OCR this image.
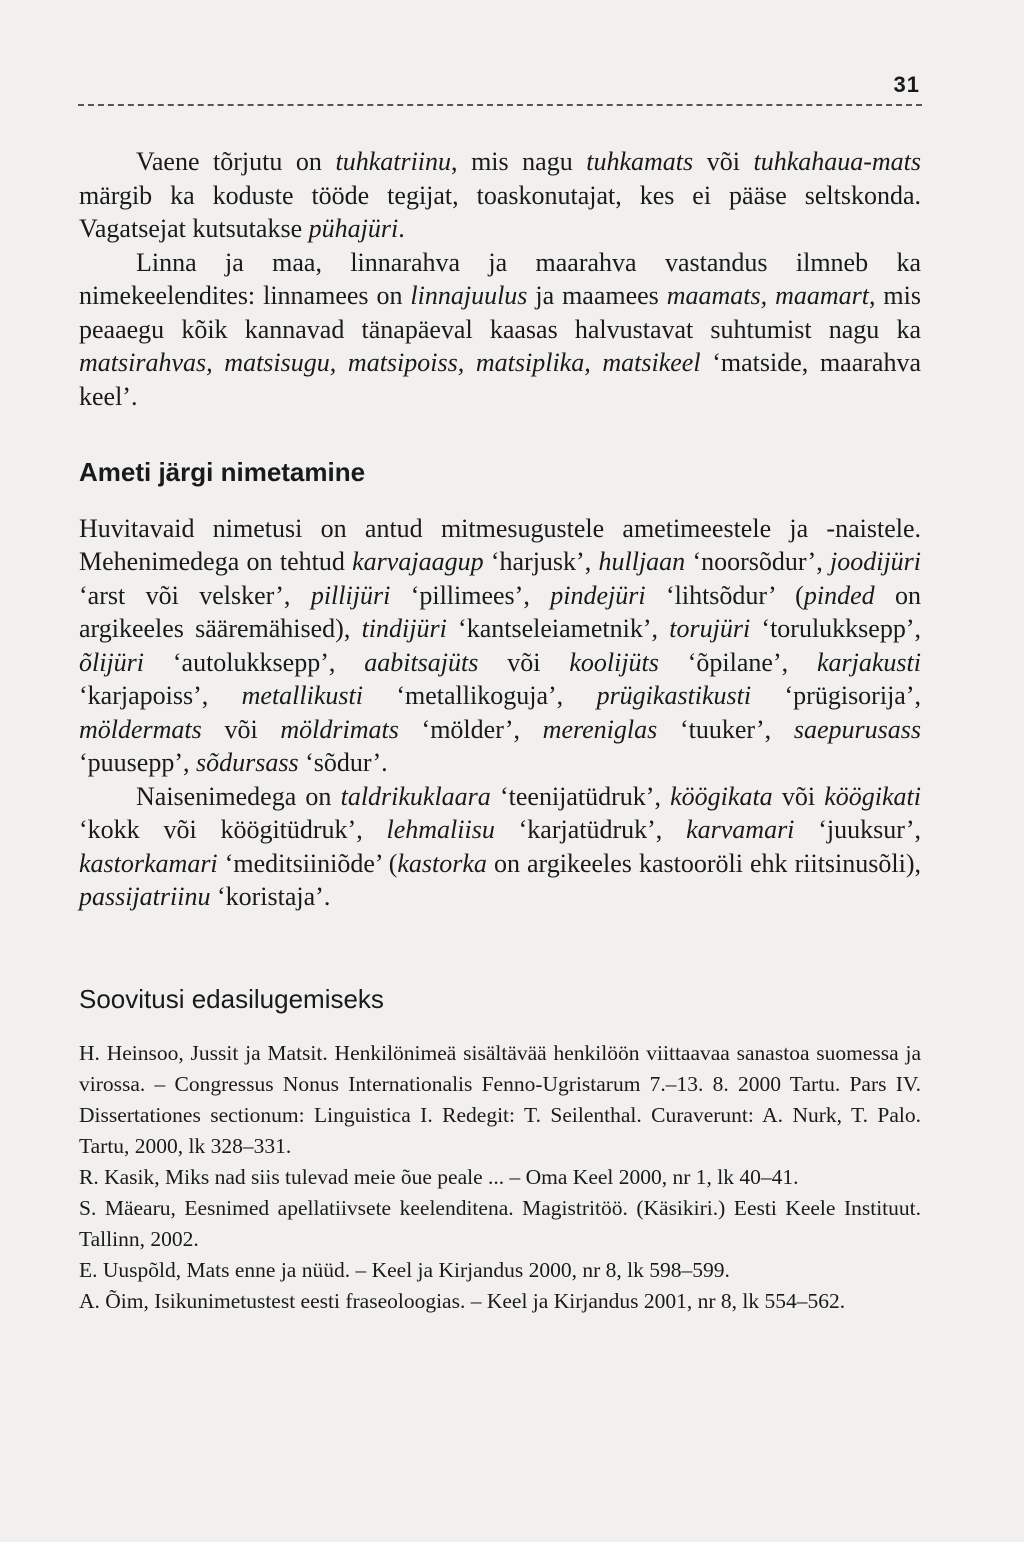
31

Vaene tõrjutu on tuhkatriinu, mis nagu tuhkamats või tuhkahaua-mats märgib ka koduste tööde tegijat, toaskonutajat, kes ei pääse seltskonda. Vagatsejat kutsutakse pühajüri.

Linna ja maa, linnarahva ja maarahva vastandus ilmneb ka nimekeelendites: linnamees on linnajuulus ja maamees maamats, maamart, mis peaaegu kõik kannavad tänapäeval kaasas halvustavat suhtumist nagu ka matsirahvas, matsisugu, matsipoiss, matsiplika, matsikeel ‘matside, maarahva keel’.

Ameti järgi nimetamine

Huvitavaid nimetusi on antud mitmesugustele ametimeestele ja -naistele. Mehenimedega on tehtud karvajaagup ‘harjusk’, hulljaan ‘noorsõdur’, joodijüri ‘arst või velsker’, pillijüri ‘pillimees’, pindejüri ‘lihtsõdur’ (pinded on argikeeles sääremähised), tindijüri ‘kantseleiametnik’, torujüri ‘torulukksepp’, õlijüri ‘autolukksepp’, aabitsajüts või koolijüts ‘õpilane’, karjakusti ‘karjapoiss’, metallikusti ‘metallikoguja’, prügikastikusti ‘prügisorija’, möldermats või möldrimats ‘mölder’, mereniglas ‘tuuker’, saepurusass ‘puusepp’, sõdursass ‘sõdur’.

Naisenimedega on taldrikuklaara ‘teenijatüdruk’, köögikata või köögikati ‘kokk või köögitüdruk’, lehmaliisu ‘karjatüdruk’, karvamari ‘juuksur’, kastorkamari ‘meditsiiniõde’ (kastorka on argikeeles kastooröli ehk riitsinusõli), passijatriinu ‘koristaja’.

Soovitusi edasilugemiseks

H. Heinsoo, Jussit ja Matsit. Henkilönimeä sisältävää henkilöön viittaavaa sanastoa suomessa ja virossa. – Congressus Nonus Internationalis Fenno-Ugristarum 7.–13. 8. 2000 Tartu. Pars IV. Dissertationes sectionum: Linguistica I. Redegit: T. Seilenthal. Curaverunt: A. Nurk, T. Palo. Tartu, 2000, lk 328–331.

R. Kasik, Miks nad siis tulevad meie õue peale ... – Oma Keel 2000, nr 1, lk 40–41.

S. Mäearu, Eesnimed apellatiivsete keelenditena. Magistritöö. (Käsikiri.) Eesti Keele Instituut. Tallinn, 2002.

E. Uuspõld, Mats enne ja nüüd. – Keel ja Kirjandus 2000, nr 8, lk 598–599.

A. Õim, Isikunimetustest eesti fraseoloogias. – Keel ja Kirjandus 2001, nr 8, lk 554–562.
